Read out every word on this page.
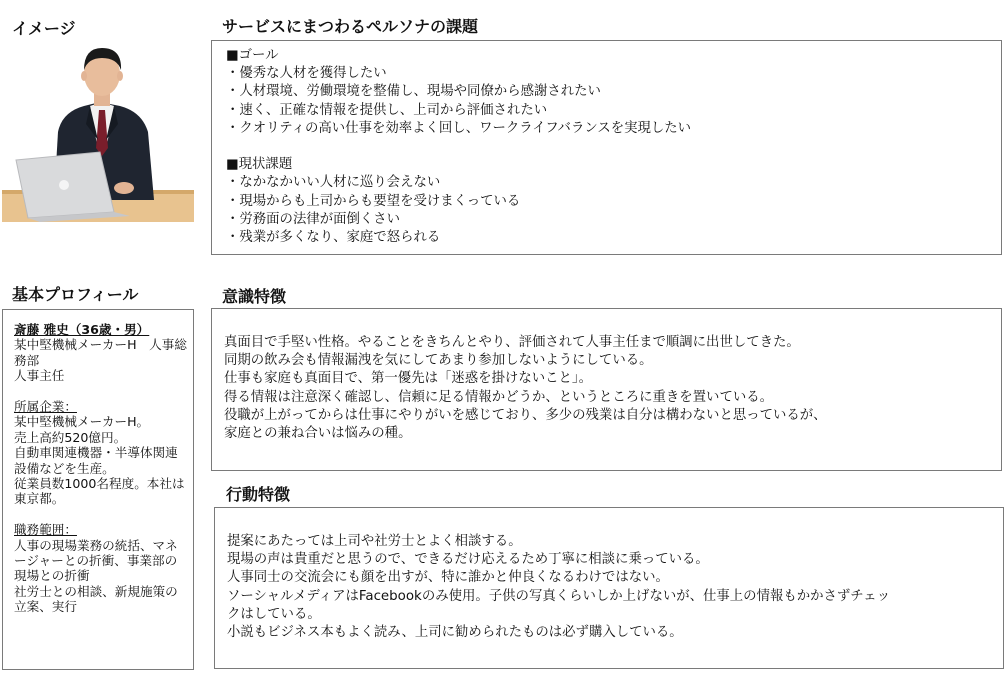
イメージ	サービスにまつわるペルソナの課題
基本プロフィール	意識特徴
行動特徴
■ゴール
・優秀な人材を獲得したい
・人材環境、労働環境を整備し、現場や同僚から感謝されたい
・速く、正確な情報を提供し、上司から評価されたい
・クオリティの高い仕事を効率よく回し、ワークライフバランスを実現したい
■現状課題
・なかなかいい人材に巡り会えない
・現場からも上司からも要望を受けまくっている
・労務面の法律が面倒くさい
・残業が多くなり、家庭で怒られる
斎藤 雅史（36歳・男）
某中堅機械メーカーH　人事総務部
人事主任
所属企業：
某中堅機械メーカーH。
売上高約520億円。
自動車関連機器・半導体関連設備などを生産。
従業員数1000名程度。本社は東京都。
職務範囲：
人事の現場業務の統括、マネージャーとの折衝、事業部の現場との折衝
社労士との相談、新規施策の立案、実行
真面目で手堅い性格。やることをきちんとやり、評価されて人事主任まで順調に出世してきた。
同期の飲み会も情報漏洩を気にしてあまり参加しないようにしている。
仕事も家庭も真面目で、第一優先は「迷惑を掛けないこと」。
得る情報は注意深く確認し、信頼に足る情報かどうか、というところに重きを置いている。
役職が上がってからは仕事にやりがいを感じており、多少の残業は自分は構わないと思っているが、
家庭との兼ね合いは悩みの種。
提案にあたっては上司や社労士とよく相談する。
現場の声は貴重だと思うので、できるだけ応えるため丁寧に相談に乗っている。
人事同士の交流会にも顔を出すが、特に誰かと仲良くなるわけではない。
ソーシャルメディアはFacebookのみ使用。子供の写真くらいしか上げないが、仕事上の情報もかかさずチェッ
クはしている。
小説もビジネス本もよく読み、上司に勧められたものは必ず購入している。
